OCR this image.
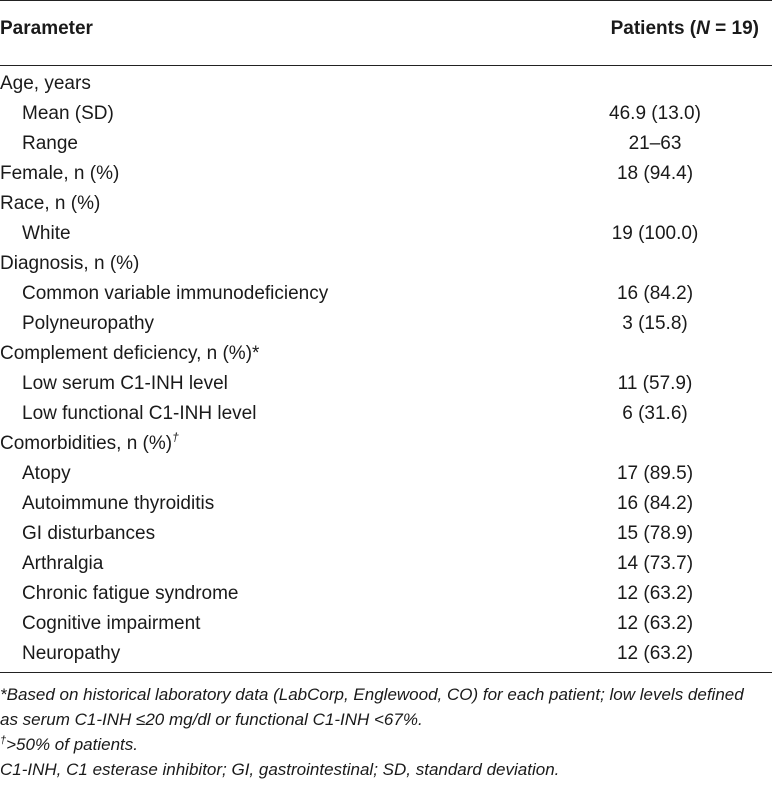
Parameter	Patients (N = 19)
Age, years
Mean (SD)	46.9 (13.0)
Range	21–63
Female, n (%)	18 (94.4)
Race, n (%)
White	19 (100.0)
Diagnosis, n (%)
Common variable immunodeficiency	16 (84.2)
Polyneuropathy	3 (15.8)
Complement deficiency, n (%)*
Low serum C1-INH level	11 (57.9)
Low functional C1-INH level	6 (31.6)
Comorbidities, n (%)†
Atopy	17 (89.5)
Autoimmune thyroiditis	16 (84.2)
GI disturbances	15 (78.9)
Arthralgia	14 (73.7)
Chronic fatigue syndrome	12 (63.2)
Cognitive impairment	12 (63.2)
Neuropathy	12 (63.2)
*Based on historical laboratory data (LabCorp, Englewood, CO) for each patient; low levels defined as serum C1-INH ≤20 mg/dl or functional C1-INH <67%.
†>50% of patients.
C1-INH, C1 esterase inhibitor; GI, gastrointestinal; SD, standard deviation.
